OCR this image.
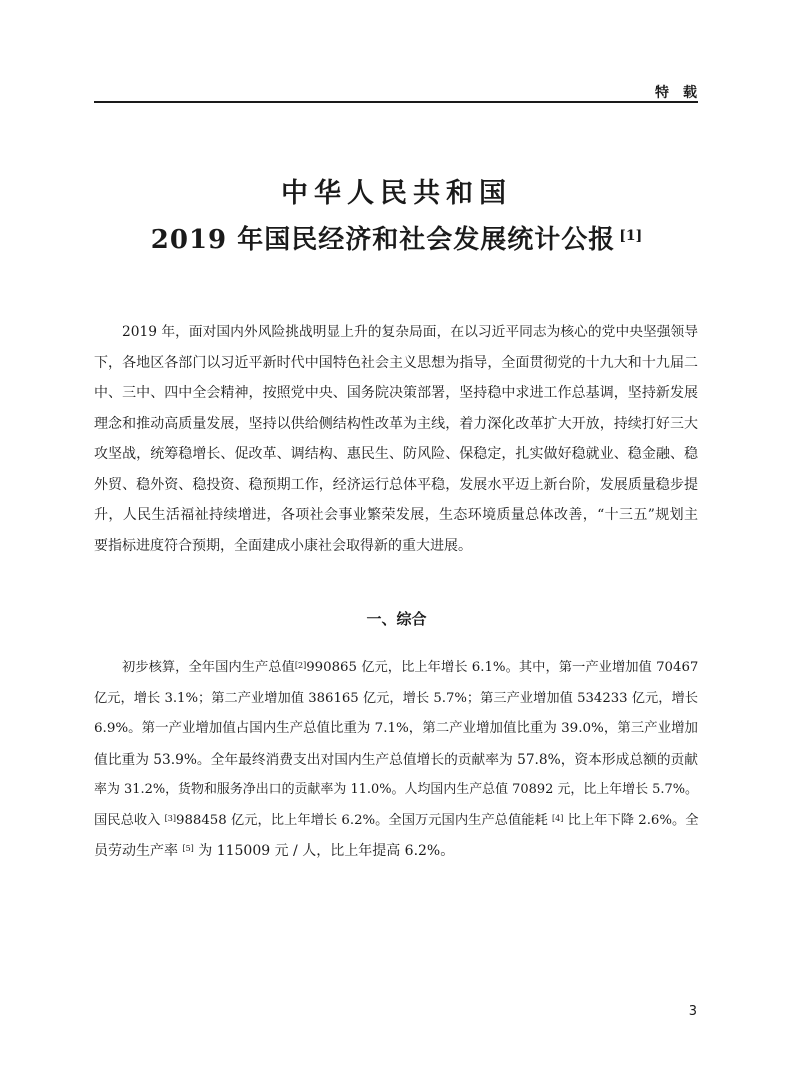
特载
中华人民共和国
2019 年国民经济和社会发展统计公报 [1]
2019 年，面对国内外风险挑战明显上升的复杂局面，在以习近平同志为核心的党中央坚强领导
下，各地区各部门以习近平新时代中国特色社会主义思想为指导，全面贯彻党的十九大和十九届二
中、三中、四中全会精神，按照党中央、国务院决策部署，坚持稳中求进工作总基调，坚持新发展
理念和推动高质量发展，坚持以供给侧结构性改革为主线，着力深化改革扩大开放，持续打好三大
攻坚战，统筹稳增长、促改革、调结构、惠民生、防风险、保稳定，扎实做好稳就业、稳金融、稳
外贸、稳外资、稳投资、稳预期工作，经济运行总体平稳，发展水平迈上新台阶，发展质量稳步提
升，人民生活福祉持续增进，各项社会事业繁荣发展，生态环境质量总体改善，“十三五”规划主
要指标进度符合预期，全面建成小康社会取得新的重大进展。
一、综合
初步核算，全年国内生产总值[2]990865 亿元，比上年增长 6.1%。其中，第一产业增加值 70467
亿元，增长 3.1%；第二产业增加值 386165 亿元，增长 5.7%；第三产业增加值 534233 亿元，增长
6.9%。第一产业增加值占国内生产总值比重为 7.1%，第二产业增加值比重为 39.0%，第三产业增加
值比重为 53.9%。全年最终消费支出对国内生产总值增长的贡献率为 57.8%，资本形成总额的贡献
率为 31.2%，货物和服务净出口的贡献率为 11.0%。人均国内生产总值 70892 元，比上年增长 5.7%。
国民总收入 [3]988458 亿元，比上年增长 6.2%。全国万元国内生产总值能耗 [4] 比上年下降 2.6%。全
员劳动生产率 [5] 为 115009 元 / 人，比上年提高 6.2%。
3
